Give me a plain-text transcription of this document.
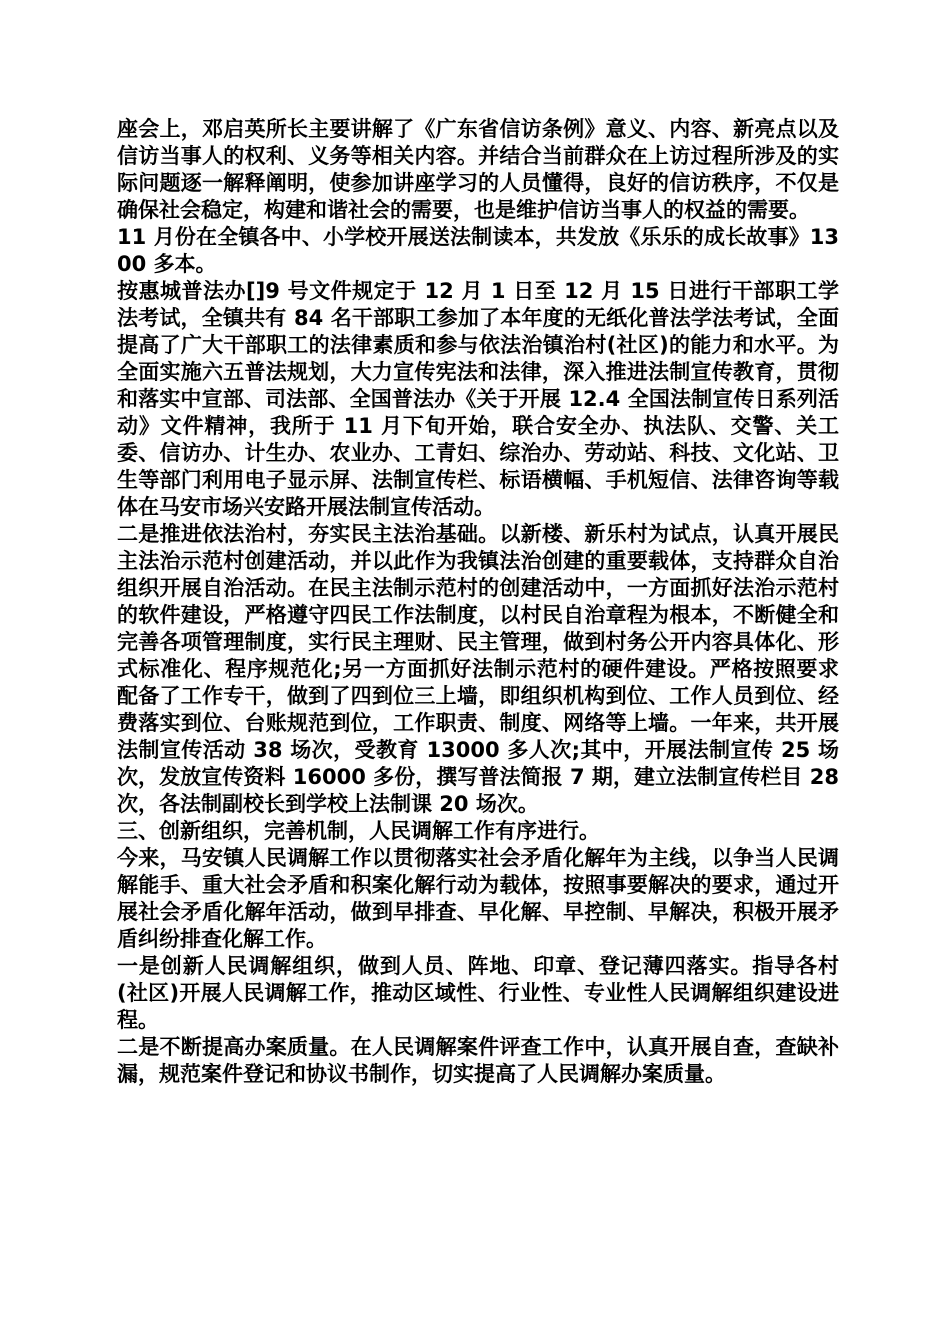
座会上，邓启英所长主要讲解了《广东省信访条例》意义、内容、新亮点以及信访当事人的权利、义务等相关内容。并结合当前群众在上访过程所涉及的实际问题逐一解释阐明，使参加讲座学习的人员懂得，良好的信访秩序，不仅是确保社会稳定，构建和谐社会的需要，也是维护信访当事人的权益的需要。

11 月份在全镇各中、小学校开展送法制读本，共发放《乐乐的成长故事》1300 多本。

按惠城普法办[]9 号文件规定于 12 月 1 日至 12 月 15 日进行干部职工学法考试，全镇共有 84 名干部职工参加了本年度的无纸化普法学法考试，全面提高了广大干部职工的法律素质和参与依法治镇治村(社区)的能力和水平。为全面实施六五普法规划，大力宣传宪法和法律，深入推进法制宣传教育，贯彻和落实中宣部、司法部、全国普法办《关于开展 12.4 全国法制宣传日系列活动》文件精神，我所于 11 月下旬开始，联合安全办、执法队、交警、关工委、信访办、计生办、农业办、工青妇、综治办、劳动站、科技、文化站、卫生等部门利用电子显示屏、法制宣传栏、标语横幅、手机短信、法律咨询等载体在马安市场兴安路开展法制宣传活动。

二是推进依法治村，夯实民主法治基础。以新楼、新乐村为试点，认真开展民主法治示范村创建活动，并以此作为我镇法治创建的重要载体，支持群众自治组织开展自治活动。在民主法制示范村的创建活动中，一方面抓好法治示范村的软件建设，严格遵守四民工作法制度，以村民自治章程为根本，不断健全和完善各项管理制度，实行民主理财、民主管理，做到村务公开内容具体化、形式标准化、程序规范化;另一方面抓好法制示范村的硬件建设。严格按照要求配备了工作专干，做到了四到位三上墙，即组织机构到位、工作人员到位、经费落实到位、台账规范到位，工作职责、制度、网络等上墙。一年来，共开展法制宣传活动 38 场次，受教育 13000 多人次;其中，开展法制宣传 25 场次，发放宣传资料 16000 多份，撰写普法简报 7 期，建立法制宣传栏目 28 次，各法制副校长到学校上法制课 20 场次。

三、创新组织，完善机制，人民调解工作有序进行。

今来，马安镇人民调解工作以贯彻落实社会矛盾化解年为主线，以争当人民调解能手、重大社会矛盾和积案化解行动为载体，按照事要解决的要求，通过开展社会矛盾化解年活动，做到早排查、早化解、早控制、早解决，积极开展矛盾纠纷排查化解工作。

一是创新人民调解组织，做到人员、阵地、印章、登记薄四落实。指导各村(社区)开展人民调解工作，推动区域性、行业性、专业性人民调解组织建设进程。

二是不断提高办案质量。在人民调解案件评查工作中，认真开展自查，查缺补漏，规范案件登记和协议书制作，切实提高了人民调解办案质量。
